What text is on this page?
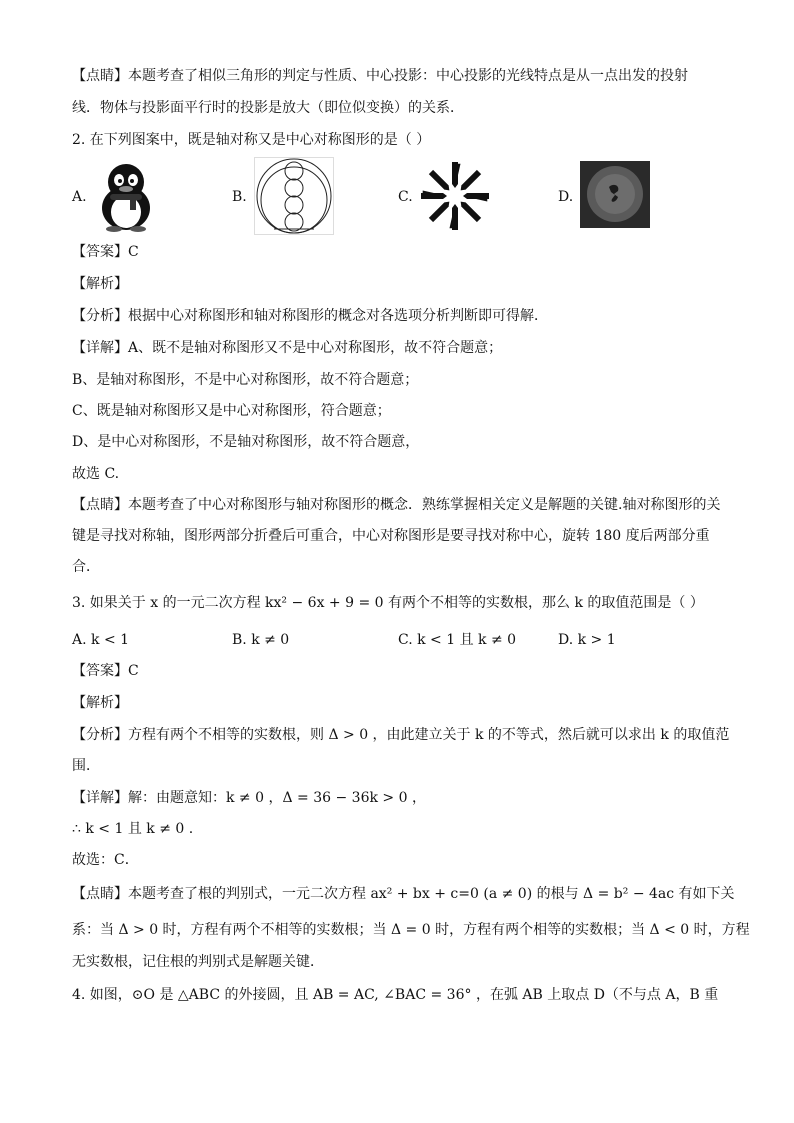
【点睛】本题考查了相似三角形的判定与性质、中心投影：中心投影的光线特点是从一点出发的投射
线．物体与投影面平行时的投影是放大（即位似变换）的关系．
2. 在下列图案中，既是轴对称又是中心对称图形的是（ ）
A.	B.	C.	D.
【答案】C
【解析】
【分析】根据中心对称图形和轴对称图形的概念对各选项分析判断即可得解．
【详解】A、既不是轴对称图形又不是中心对称图形，故不符合题意；
B、是轴对称图形，不是中心对称图形，故不符合题意；
C、既是轴对称图形又是中心对称图形，符合题意；
D、是中心对称图形，不是轴对称图形，故不符合题意，
故选 C.
【点睛】本题考查了中心对称图形与轴对称图形的概念．熟练掌握相关定义是解题的关键.轴对称图形的关
键是寻找对称轴，图形两部分折叠后可重合，中心对称图形是要寻找对称中心，旋转 180 度后两部分重
合．
3. 如果关于 x 的一元二次方程 kx² − 6x + 9 = 0 有两个不相等的实数根，那么 k 的取值范围是（ ）
A. k < 1	B. k ≠ 0	C. k < 1 且 k ≠ 0	D. k > 1
【答案】C
【解析】
【分析】方程有两个不相等的实数根，则 Δ > 0 ，由此建立关于 k 的不等式，然后就可以求出 k 的取值范
围．
【详解】解：由题意知：k ≠ 0 ，Δ = 36 − 36k > 0 ，
∴ k < 1 且 k ≠ 0 .
故选：C．
【点睛】本题考查了根的判别式，一元二次方程 ax² + bx + c=0 (a ≠ 0) 的根与 Δ = b² − 4ac 有如下关
系：当 Δ > 0 时，方程有两个不相等的实数根；当 Δ = 0 时，方程有两个相等的实数根；当 Δ < 0 时，方程
无实数根，记住根的判别式是解题关键．
4. 如图，⊙O 是 △ABC 的外接圆，且 AB = AC, ∠BAC = 36° ，在弧 AB 上取点 D（不与点 A，B 重
